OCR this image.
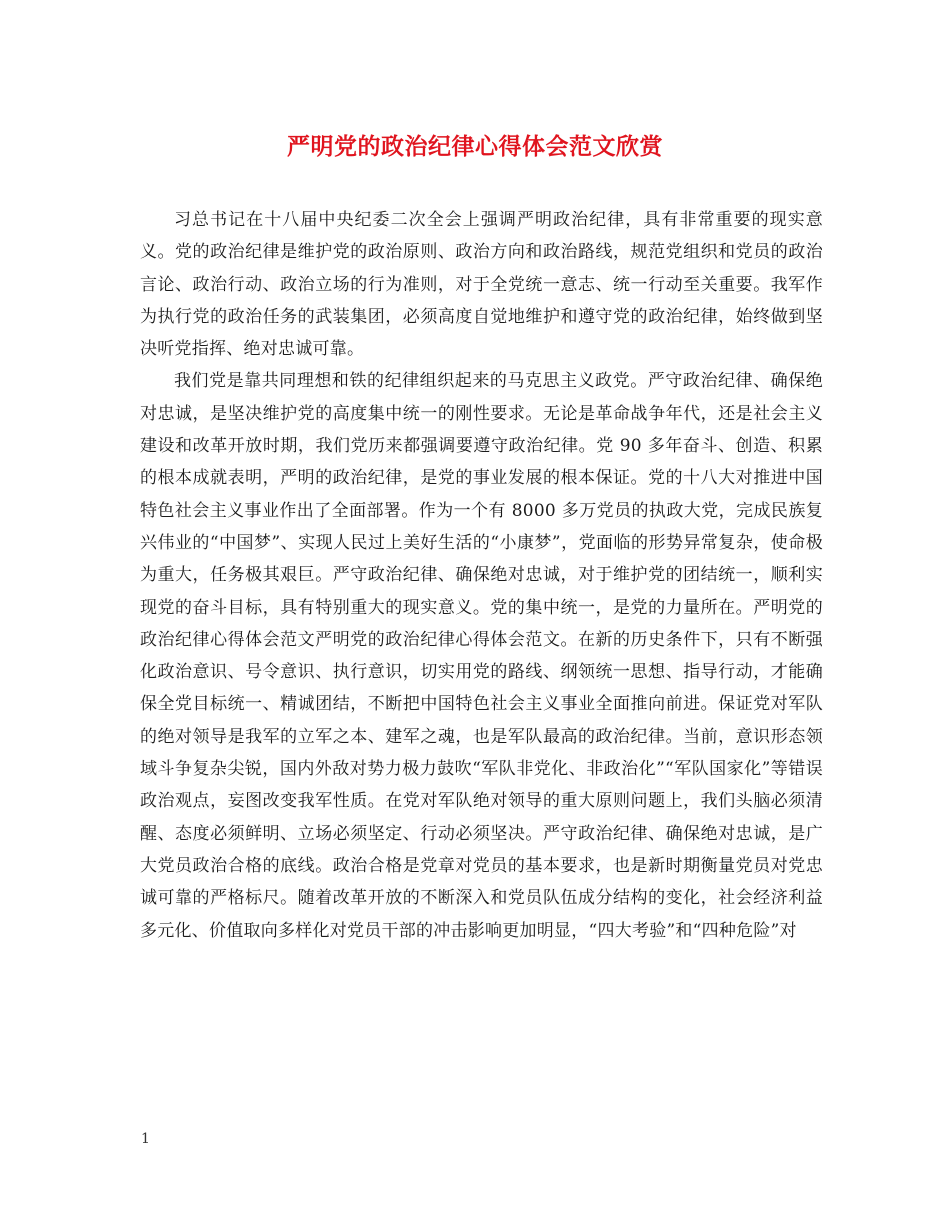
严明党的政治纪律心得体会范文欣赏

习总书记在十八届中央纪委二次全会上强调严明政治纪律，具有非常重要的现实意义。党的政治纪律是维护党的政治原则、政治方向和政治路线，规范党组织和党员的政治言论、政治行动、政治立场的行为准则，对于全党统一意志、统一行动至关重要。我军作为执行党的政治任务的武装集团，必须高度自觉地维护和遵守党的政治纪律，始终做到坚决听党指挥、绝对忠诚可靠。

我们党是靠共同理想和铁的纪律组织起来的马克思主义政党。严守政治纪律、确保绝对忠诚，是坚决维护党的高度集中统一的刚性要求。无论是革命战争年代，还是社会主义建设和改革开放时期，我们党历来都强调要遵守政治纪律。党 90 多年奋斗、创造、积累的根本成就表明，严明的政治纪律，是党的事业发展的根本保证。党的十八大对推进中国特色社会主义事业作出了全面部署。作为一个有 8000 多万党员的执政大党，完成民族复兴伟业的“中国梦”、实现人民过上美好生活的“小康梦”，党面临的形势异常复杂，使命极为重大，任务极其艰巨。严守政治纪律、确保绝对忠诚，对于维护党的团结统一，顺利实现党的奋斗目标，具有特别重大的现实意义。党的集中统一，是党的力量所在。严明党的政治纪律心得体会范文严明党的政治纪律心得体会范文。在新的历史条件下，只有不断强化政治意识、号令意识、执行意识，切实用党的路线、纲领统一思想、指导行动，才能确保全党目标统一、精诚团结，不断把中国特色社会主义事业全面推向前进。保证党对军队的绝对领导是我军的立军之本、建军之魂，也是军队最高的政治纪律。当前，意识形态领域斗争复杂尖锐，国内外敌对势力极力鼓吹“军队非党化、非政治化”“军队国家化”等错误政治观点，妄图改变我军性质。在党对军队绝对领导的重大原则问题上，我们头脑必须清醒、态度必须鲜明、立场必须坚定、行动必须坚决。严守政治纪律、确保绝对忠诚，是广大党员政治合格的底线。政治合格是党章对党员的基本要求，也是新时期衡量党员对党忠诚可靠的严格标尺。随着改革开放的不断深入和党员队伍成分结构的变化，社会经济利益多元化、价值取向多样化对党员干部的冲击影响更加明显，“四大考验”和“四种危险”对

1
